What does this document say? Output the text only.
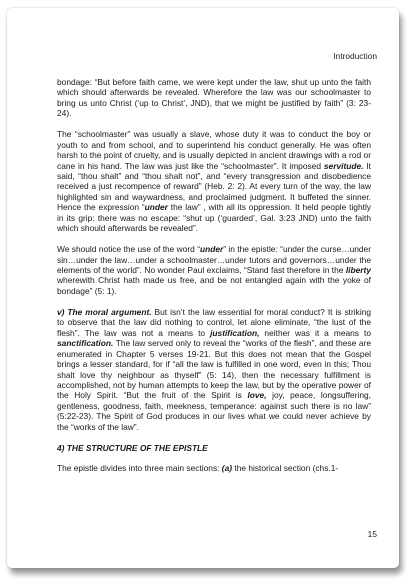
Introduction

bondage: “But before faith came, we were kept under the law, shut up unto the faith which should afterwards be revealed. Wherefore the law was our schoolmaster to bring us unto Christ (‘up to Christ’, JND), that we might be justified by faith” (3: 23-24).

The “schoolmaster” was usually a slave, whose duty it was to conduct the boy or youth to and from school, and to superintend his conduct generally. He was often harsh to the point of cruelty, and is usually depicted in ancient drawings with a rod or cane in his hand. The law was just like the “schoolmaster”. It imposed servitude. It said, “thou shalt” and “thou shalt not”, and “every transgression and disobedience received a just recompence of reward” (Heb. 2: 2). At every turn of the way, the law highlighted sin and waywardness, and proclaimed judgment. It buffeted the sinner. Hence the expression “under the law” , with all its oppression. It held people tightly in its grip: there was no escape: “shut up (‘guarded’, Gal. 3:23 JND) unto the faith which should afterwards be revealed”.

We should notice the use of the word “under” in the epistle: “under the curse…under sin…under the law…under a schoolmaster…under tutors and governors…under the elements of the world”. No wonder Paul exclaims, “Stand fast therefore in the liberty wherewith Christ hath made us free, and be not entangled again with the yoke of bondage” (5: 1).

v) The moral argument. But isn’t the law essential for moral conduct? It is striking to observe that the law did nothing to control, let alone eliminate, “the lust of the flesh”. The law was not a means to justification, neither was it a means to sanctification. The law served only to reveal the “works of the flesh”, and these are enumerated in Chapter 5 verses 19-21. But this does not mean that the Gospel brings a lesser standard, for if “all the law is fulfilled in one word, even in this; Thou shalt love thy neighbour as thyself” (5: 14), then the necessary fulfillment is accomplished, not by human attempts to keep the law, but by the operative power of the Holy Spirit. “But the fruit of the Spirit is love, joy, peace, longsuffering, gentleness, goodness, faith, meekness, temperance: against such there is no law” (5:22-23). The Spirit of God produces in our lives what we could never achieve by the “works of the law”.

4) THE STRUCTURE OF THE EPISTLE

The epistle divides into three main sections: (a) the historical section (chs.1-

15
